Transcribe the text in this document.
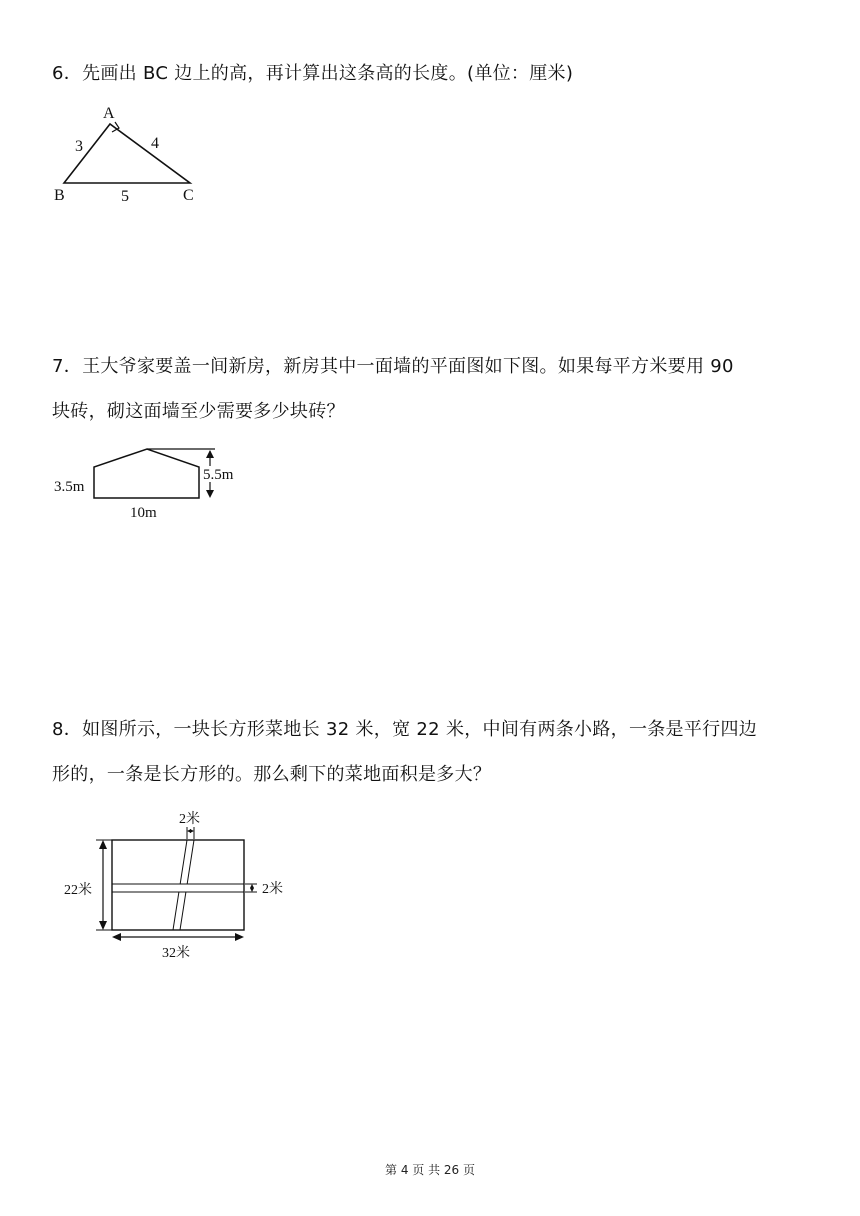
6．先画出 BC 边上的高，再计算出这条高的长度。(单位：厘米)
A
B	C
3	4
5
7．王大爷家要盖一间新房，新房其中一面墙的平面图如下图。如果每平方米要用 90
块砖，砌这面墙至少需要多少块砖？
5.5m
3.5m
10m
8．如图所示，一块长方形菜地长 32 米，宽 22 米，中间有两条小路，一条是平行四边
形的，一条是长方形的。那么剩下的菜地面积是多大？
2米
2米
22米
32米
第 4 页 共 26 页
